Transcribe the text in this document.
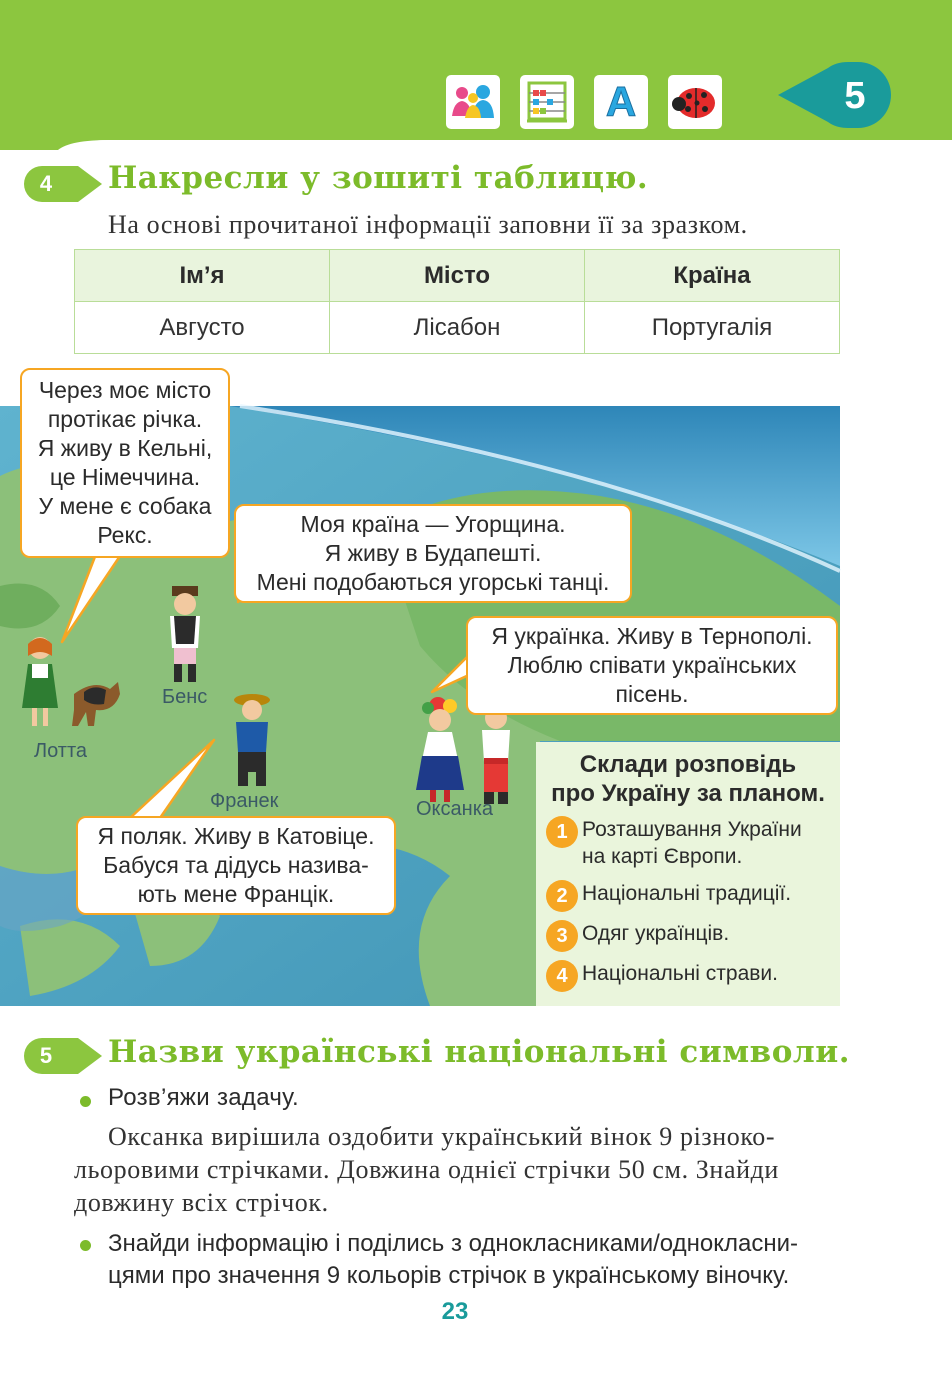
A	5
4	Накресли у зошиті таблицю.
На основі прочитаної інформації заповни її за зразком.
Ім’я	Місто	Країна
Августо	Лісабон	Португалія
Через моє місто
протікає річка.
Я живу в Кельні,
це Німеччина.
У мене є собака
Рекс.	Моя країна — Угорщина.
Я живу в Будапешті.
Мені подобаються угорські танці.
Я українка. Живу в Тернополі.
Люблю співати українських пісень.
Я поляк. Живу в Катовіце.
Бабуся та дідусь назива-
ють мене Францік.
Лотта
Бенс
Франек	Оксанка
Склади розповідь
про Україну за планом.
1 Розташування України
на карті Європи.
2 Національні традиції.
3 Одяг українців.
4 Національні страви.
5	Назви українські національні символи.
Розв’яжи задачу.
Оксанка вирішила оздобити український вінок 9 різноко-
льоровими стрічками. Довжина однієї стрічки 50 см. Знайди
довжину всіх стрічок.
Знайди інформацію і поділись з однокласниками/однокласни-
цями про значення 9 кольорів стрічок в українському віночку.
23
